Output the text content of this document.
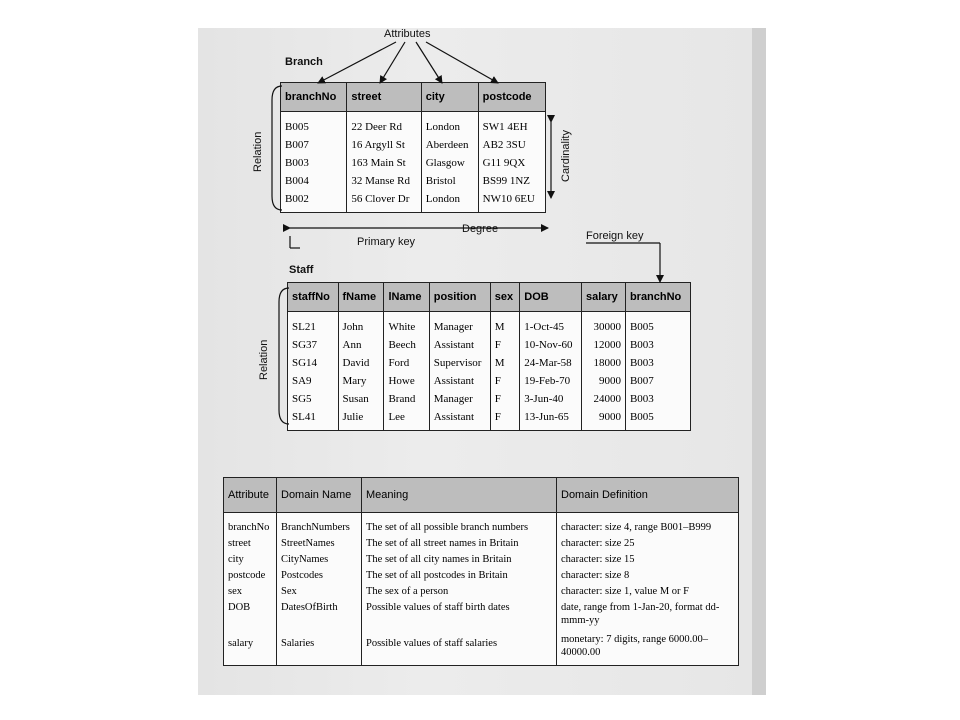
Attributes
Branch
Relation	Cardinality
Degree
Primary key	Foreign key
Staff
Relation
branchNo	street	city	postcode
B005	22 Deer Rd	London	SW1 4EH
B007	16 Argyll St	Aberdeen	AB2 3SU
B003	163 Main St	Glasgow	G11 9QX
B004	32 Manse Rd	Bristol	BS99 1NZ
B002	56 Clover Dr	London	NW10 6EU
staffNo	fName	lName	position	sex	DOB	salary	branchNo
SL21	John	White	Manager	M	1-Oct-45	30000	B005
SG37	Ann	Beech	Assistant	F	10-Nov-60	12000	B003
SG14	David	Ford	Supervisor	M	24-Mar-58	18000	B003
SA9	Mary	Howe	Assistant	F	19-Feb-70	9000	B007
SG5	Susan	Brand	Manager	F	3-Jun-40	24000	B003
SL41	Julie	Lee	Assistant	F	13-Jun-65	9000	B005
Attribute	Domain Name	Meaning	Domain Definition
branchNo	BranchNumbers	The set of all possible branch numbers	character: size 4, range B001–B999
street	StreetNames	The set of all street names in Britain	character: size 25
city	CityNames	The set of all city names in Britain	character: size 15
postcode	Postcodes	The set of all postcodes in Britain	character: size 8
sex	Sex	The sex of a person	character: size 1, value M or F
DOB	DatesOfBirth	Possible values of staff birth dates	date, range from 1-Jan-20, format dd-mmm-yy
salary	Salaries	Possible values of staff salaries	monetary: 7 digits, range 6000.00–40000.00
